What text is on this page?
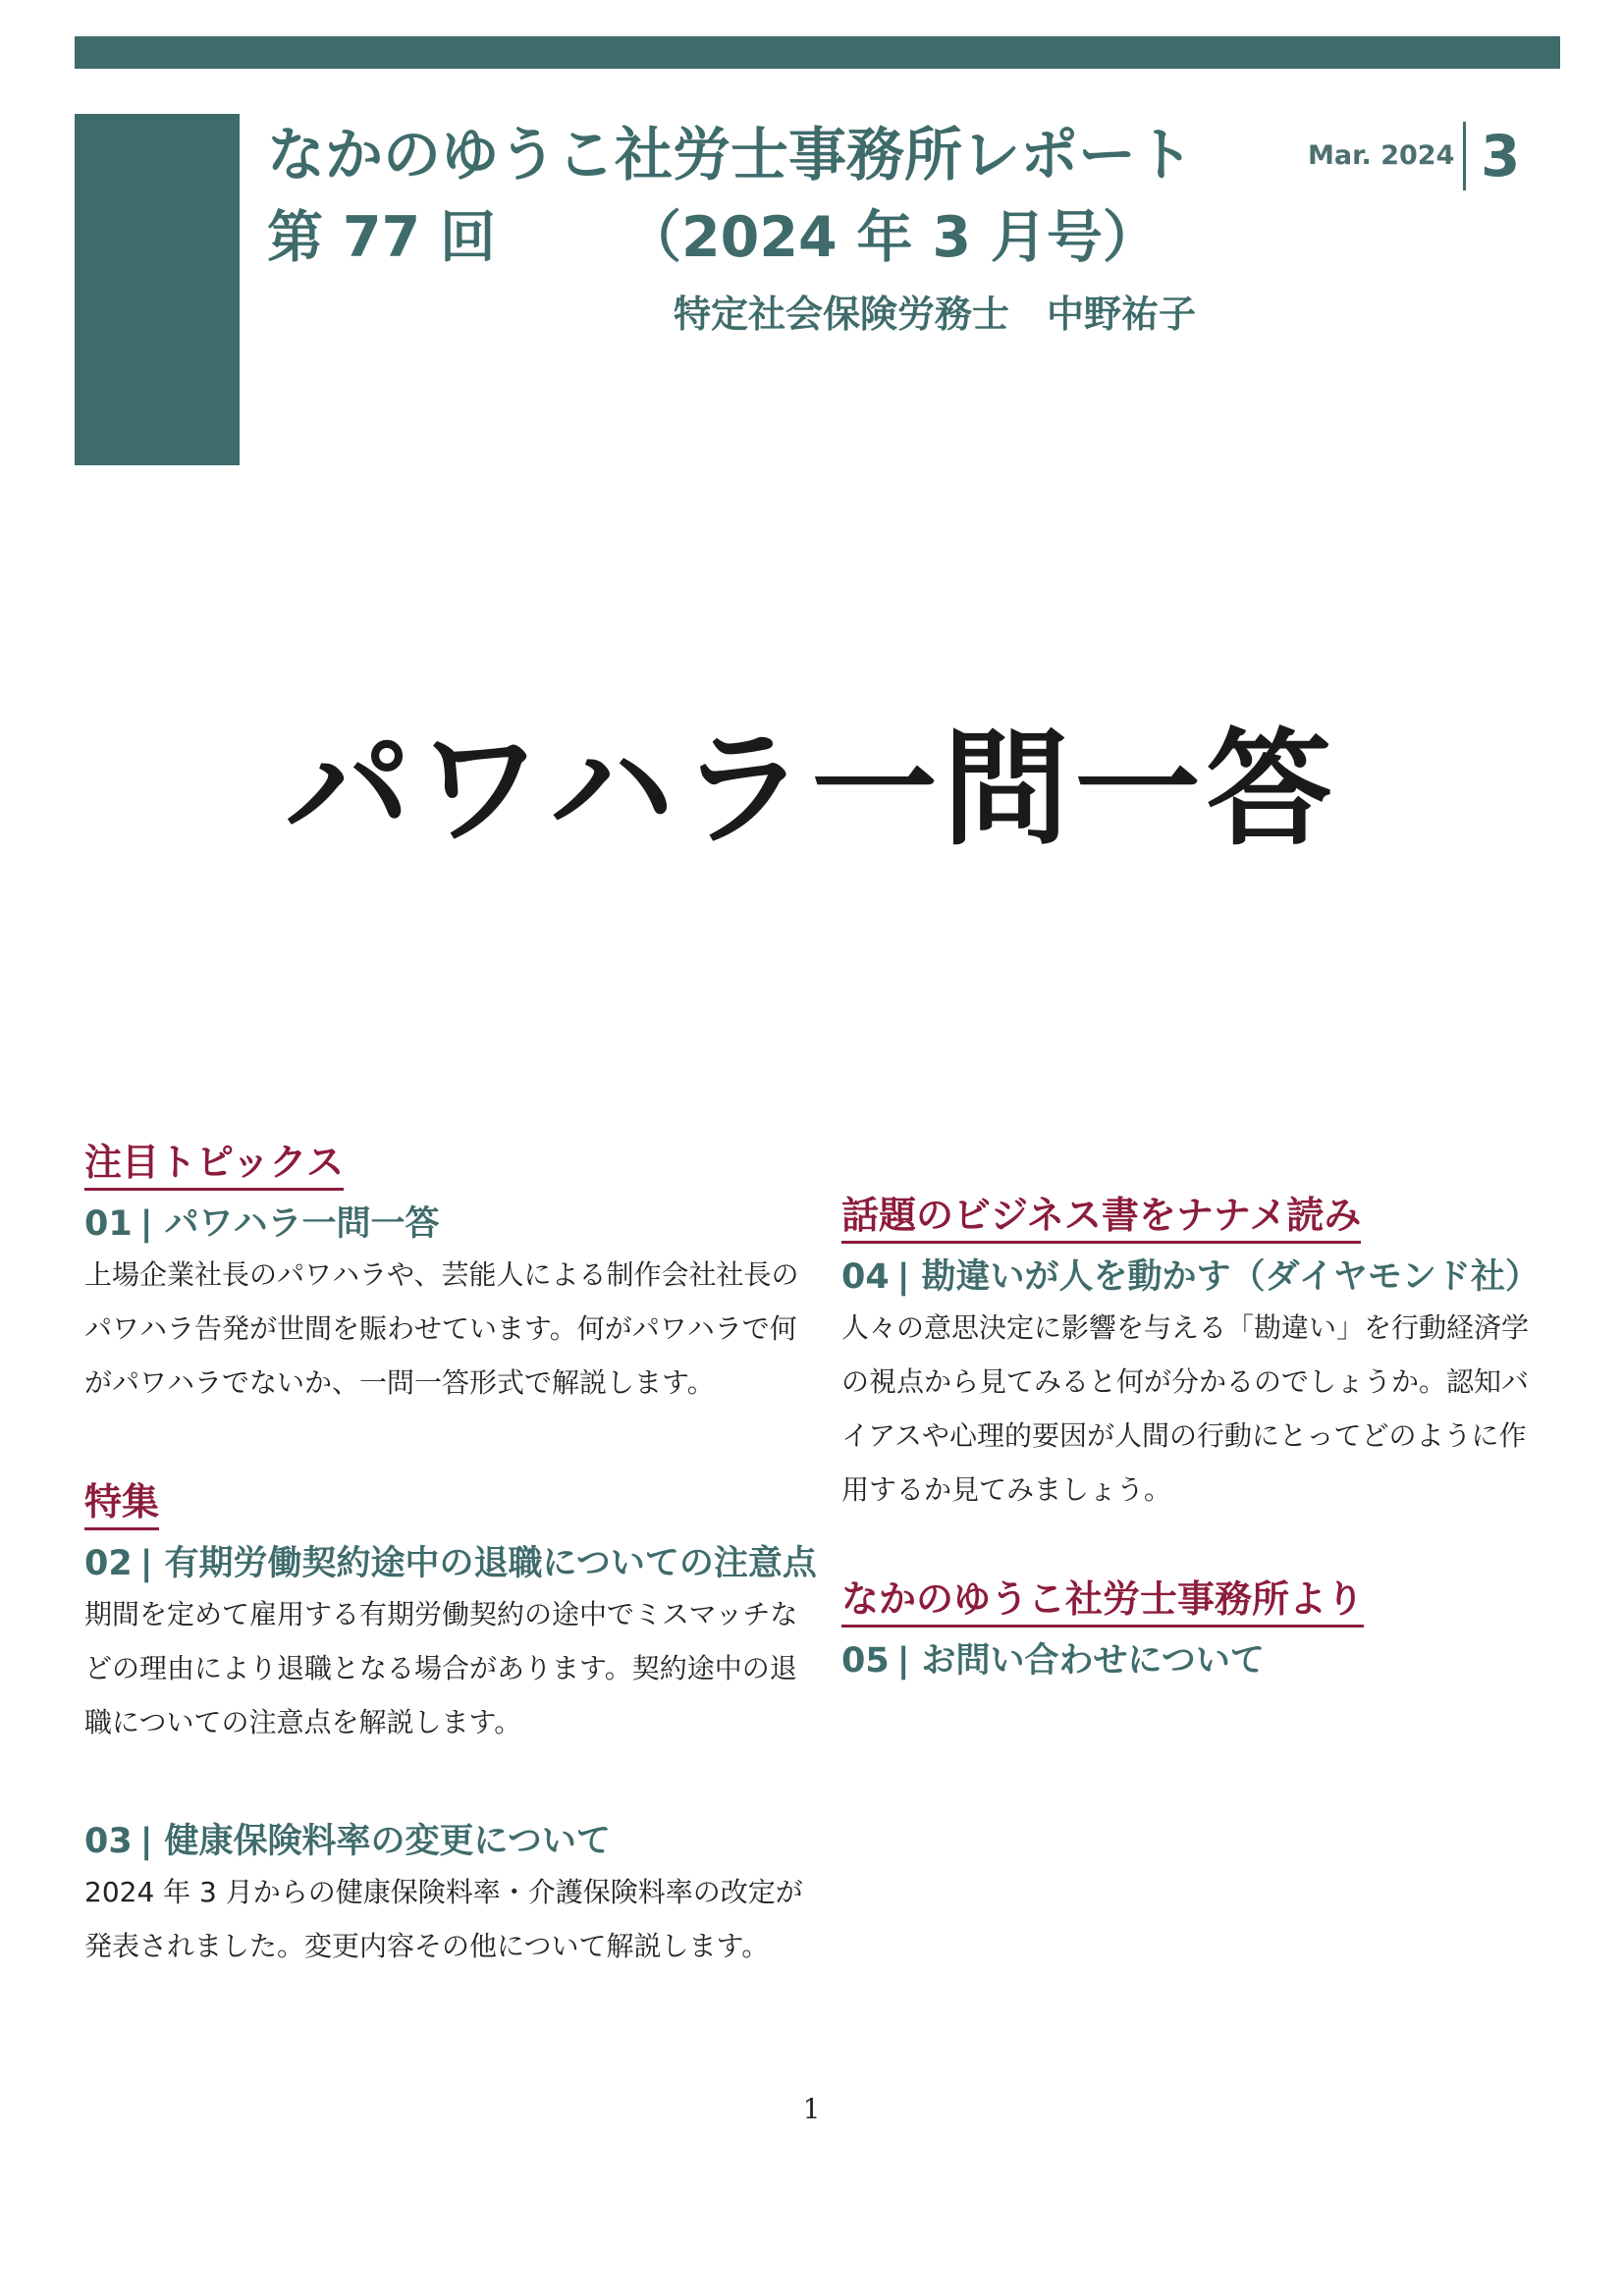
なかのゆうこ社労士事務所レポート
第 77 回 （2024 年 3 月号）
特定社会保険労務士　中野祐子
Mar. 2024 3
パワハラ一問一答
注目トピックス
01 | パワハラ一問一答
上場企業社長のパワハラや、芸能人による制作会社社長のパワハラ告発が世間を賑わせています。何がパワハラで何がパワハラでないか、一問一答形式で解説します。
特集
02 | 有期労働契約途中の退職についての注意点
期間を定めて雇用する有期労働契約の途中でミスマッチなどの理由により退職となる場合があります。契約途中の退職についての注意点を解説します。
03 | 健康保険料率の変更について
2024 年 3 月からの健康保険料率・介護保険料率の改定が発表されました。変更内容その他について解説します。
話題のビジネス書をナナメ読み
04 | 勘違いが人を動かす（ダイヤモンド社）
人々の意思決定に影響を与える「勘違い」を行動経済学の視点から見てみると何が分かるのでしょうか。認知バイアスや心理的要因が人間の行動にとってどのように作用するか見てみましょう。
なかのゆうこ社労士事務所より
05 | お問い合わせについて
1
